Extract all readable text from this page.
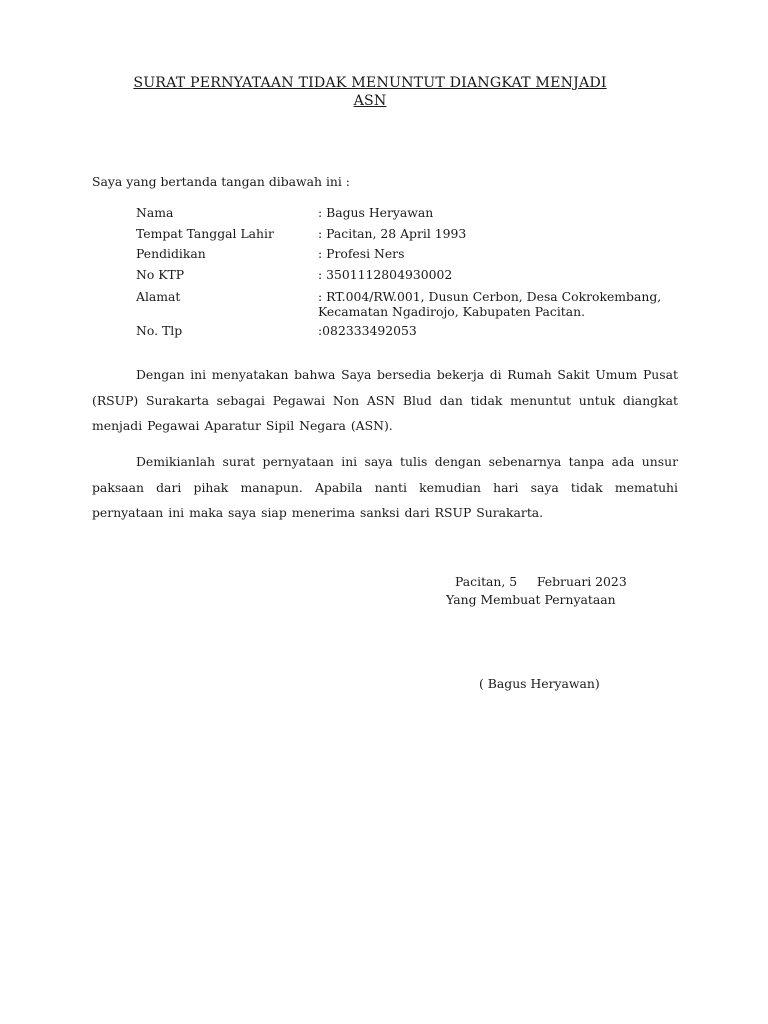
SURAT PERNYATAAN TIDAK MENUNTUT DIANGKAT MENJADI
ASN
Saya yang bertanda tangan dibawah ini :
Nama	: Bagus Heryawan
Tempat Tanggal Lahir	: Pacitan, 28 April 1993
Pendidikan	: Profesi Ners
No KTP	: 3501112804930002
Alamat	: RT.004/RW.001, Dusun Cerbon, Desa Cokrokembang,
Kecamatan Ngadirojo, Kabupaten Pacitan.
No. Tlp	:082333492053
Dengan ini menyatakan bahwa Saya bersedia bekerja di Rumah Sakit Umum Pusat (RSUP) Surakarta sebagai Pegawai Non ASN Blud dan tidak menuntut untuk diangkat menjadi Pegawai Aparatur Sipil Negara (ASN).
Demikianlah surat pernyataan ini saya tulis dengan sebenarnya tanpa ada unsur paksaan dari pihak manapun. Apabila nanti kemudian hari saya tidak mematuhi pernyataan ini maka saya siap menerima sanksi dari RSUP Surakarta.
Pacitan, 5     Februari 2023
Yang Membuat Pernyataan
( Bagus Heryawan)
